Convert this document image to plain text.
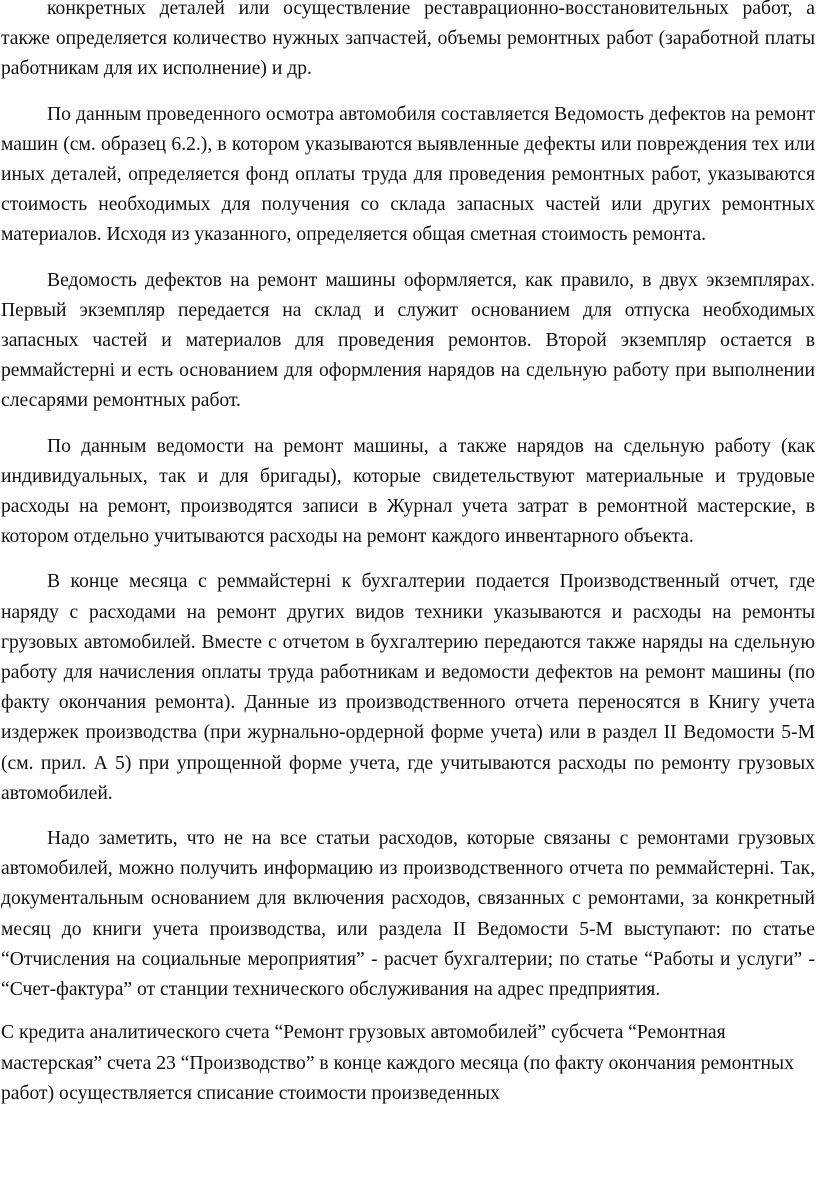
конкретных деталей или осуществление реставрационно-восстановительных работ, а также определяется количество нужных запчастей, объемы ремонтных работ (заработной платы работникам для их исполнение) и др.

По данным проведенного осмотра автомобиля составляется Ведомость дефектов на ремонт машин (см. образец 6.2.), в котором указываются выявленные дефекты или повреждения тех или иных деталей, определяется фонд оплаты труда для проведения ремонтных работ, указываются стоимость необходимых для получения со склада запасных частей или других ремонтных материалов. Исходя из указанного, определяется общая сметная стоимость ремонта.

Ведомость дефектов на ремонт машины оформляется, как правило, в двух экземплярах. Первый экземпляр передается на склад и служит основанием для отпуска необходимых запасных частей и материалов для проведения ремонтов. Второй экземпляр остается в реммайстерні и есть основанием для оформления нарядов на сдельную работу при выполнении слесарями ремонтных работ.

По данным ведомости на ремонт машины, а также нарядов на сдельную работу (как индивидуальных, так и для бригады), которые свидетельствуют материальные и трудовые расходы на ремонт, производятся записи в Журнал учета затрат в ремонтной мастерские, в котором отдельно учитываются расходы на ремонт каждого инвентарного объекта.

В конце месяца с реммайстерні к бухгалтерии подается Производственный отчет, где наряду с расходами на ремонт других видов техники указываются и расходы на ремонты грузовых автомобилей. Вместе с отчетом в бухгалтерию передаются также наряды на сдельную работу для начисления оплаты труда работникам и ведомости дефектов на ремонт машины (по факту окончания ремонта). Данные из производственного отчета переносятся в Книгу учета издержек производства (при журнально-ордерной форме учета) или в раздел II Ведомости 5-М (см. прил. А 5) при упрощенной форме учета, где учитываются расходы по ремонту грузовых автомобилей.

Надо заметить, что не на все статьи расходов, которые связаны с ремонтами грузовых автомобилей, можно получить информацию из производственного отчета по реммайстерні. Так, документальным основанием для включения расходов, связанных с ремонтами, за конкретный месяц до книги учета производства, или раздела II Ведомости 5-М выступают: по статье “Отчисления на социальные мероприятия” - расчет бухгалтерии; по статье “Работы и услуги” - “Счет-фактура” от станции технического обслуживания на адрес предприятия.

С кредита аналитического счета “Ремонт грузовых автомобилей” субсчета “Ремонтная мастерская” счета 23 “Производство” в конце каждого месяца (по факту окончания ремонтных работ) осуществляется списание стоимости произведенных
